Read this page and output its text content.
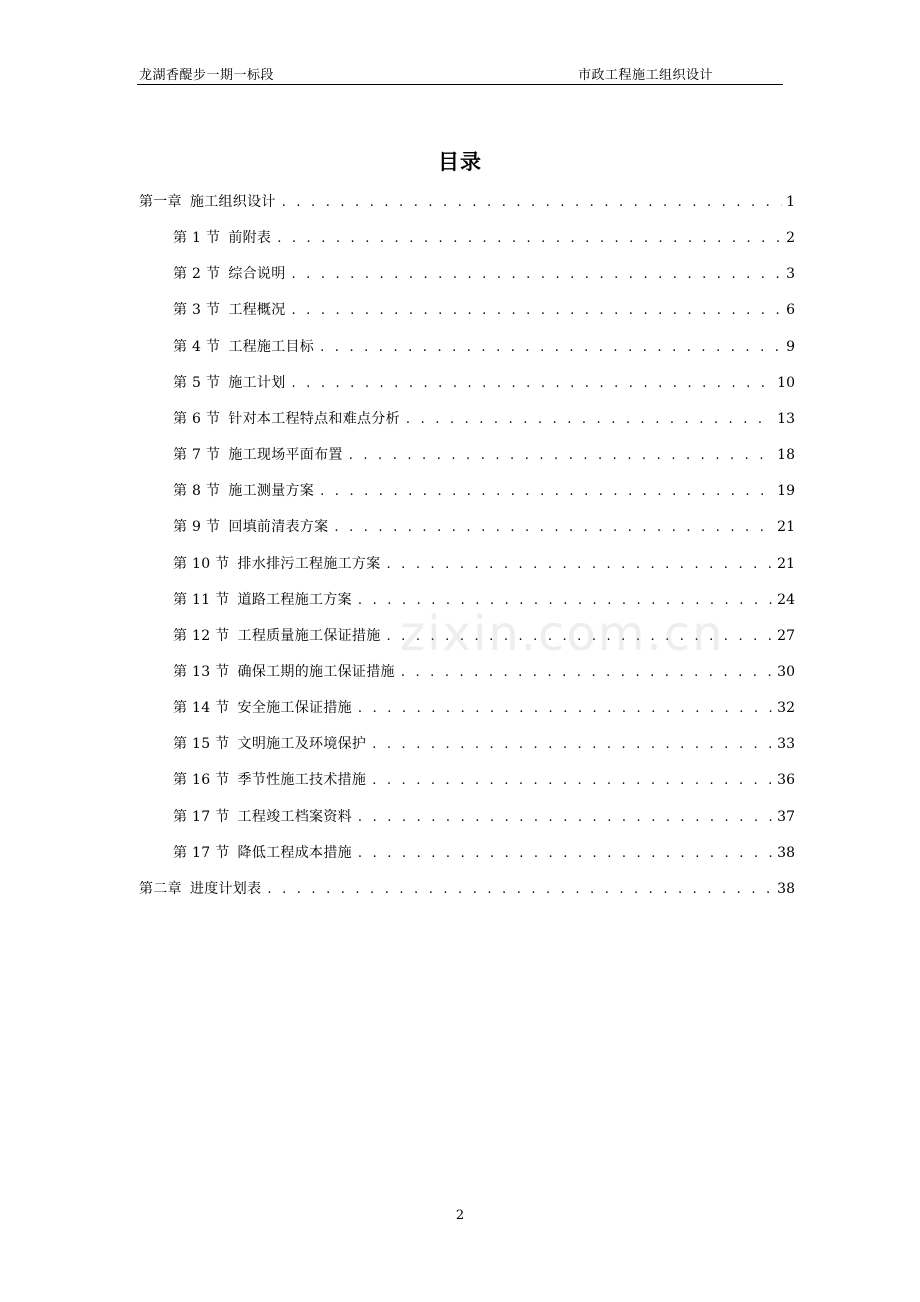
龙湖香醍步一期一标段	市政工程施工组织设计
目录
第一章 施工组织设计 . . .	1
第 1 节 前附表 . . .	2
第 2 节 综合说明 . . .	3
第 3 节 工程概况 . . .	6
第 4 节 工程施工目标 . . .	9
第 5 节 施工计划 . . .	10
第 6 节 针对本工程特点和难点分析 . . .	13
第 7 节 施工现场平面布置 . . .	18
第 8 节 施工测量方案 . . .	19
第 9 节 回填前清表方案 . . .	21
第 10 节 排水排污工程施工方案 . . .	21
第 11 节 道路工程施工方案 . . .	24
第 12 节 工程质量施工保证措施 . . .	27
第 13 节 确保工期的施工保证措施 . . .	30
第 14 节 安全施工保证措施 . . .	32
第 15 节 文明施工及环境保护 . . .	33
第 16 节 季节性施工技术措施 . . .	36
第 17 节 工程竣工档案资料 . . .	37
第 17 节 降低工程成本措施 . . .	38
第二章 进度计划表 . . .	38
zixin.com.cn
2
